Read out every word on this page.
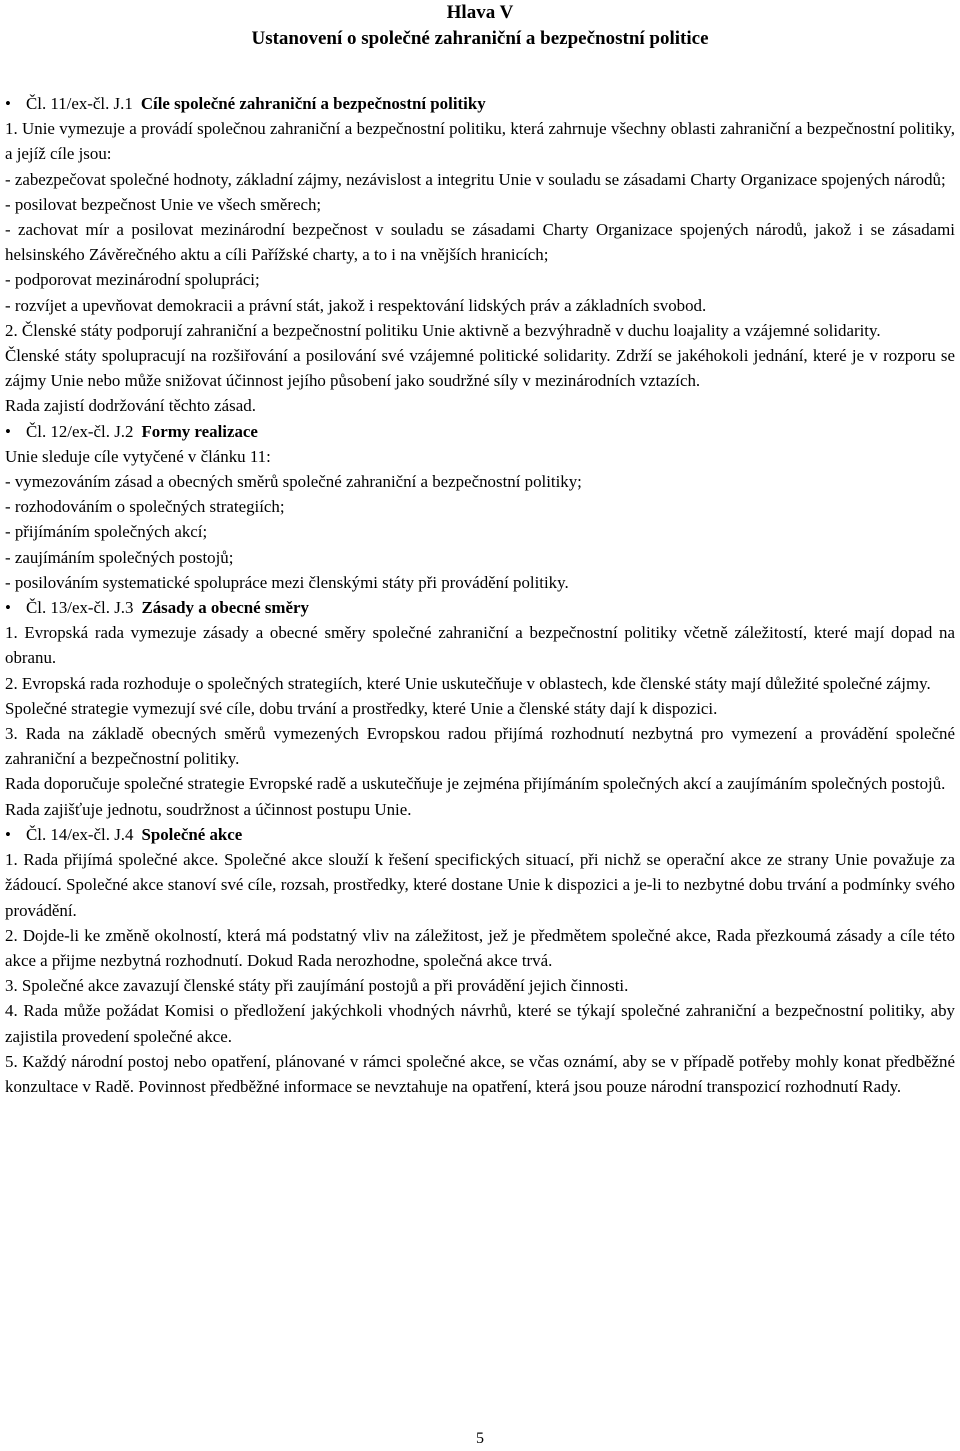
Hlava V

Ustanovení o společné zahraniční a bezpečnostní politice

• Čl. 11/ex-čl. J.1 Cíle společné zahraniční a bezpečnostní politiky

1. Unie vymezuje a provádí společnou zahraniční a bezpečnostní politiku, která zahrnuje všechny oblasti zahraniční a bezpečnostní politiky, a jejíž cíle jsou:

- zabezpečovat společné hodnoty, základní zájmy, nezávislost a integritu Unie v souladu se zásadami Charty Organizace spojených národů;

- posilovat bezpečnost Unie ve všech směrech;

- zachovat mír a posilovat mezinárodní bezpečnost v souladu se zásadami Charty Organizace spojených národů, jakož i se zásadami helsinského Závěrečného aktu a cíli Pařížské charty, a to i na vnějších hranicích;

- podporovat mezinárodní spolupráci;

- rozvíjet a upevňovat demokracii a právní stát, jakož i respektování lidských práv a základních svobod.

2. Členské státy podporují zahraniční a bezpečnostní politiku Unie aktivně a bezvýhradně v duchu loajality a vzájemné solidarity.

Členské státy spolupracují na rozšiřování a posilování své vzájemné politické solidarity. Zdrží se jakéhokoli jednání, které je v rozporu se zájmy Unie nebo může snižovat účinnost jejího působení jako soudržné síly v mezinárodních vztazích.

Rada zajistí dodržování těchto zásad.

• Čl. 12/ex-čl. J.2 Formy realizace

Unie sleduje cíle vytyčené v článku 11:

- vymezováním zásad a obecných směrů společné zahraniční a bezpečnostní politiky;

- rozhodováním o společných strategiích;

- přijímáním společných akcí;

- zaujímáním společných postojů;

- posilováním systematické spolupráce mezi členskými státy při provádění politiky.

• Čl. 13/ex-čl. J.3 Zásady a obecné směry

1. Evropská rada vymezuje zásady a obecné směry společné zahraniční a bezpečnostní politiky včetně záležitostí, které mají dopad na obranu.

2. Evropská rada rozhoduje o společných strategiích, které Unie uskutečňuje v oblastech, kde členské státy mají důležité společné zájmy.

Společné strategie vymezují své cíle, dobu trvání a prostředky, které Unie a členské státy dají k dispozici.

3. Rada na základě obecných směrů vymezených Evropskou radou přijímá rozhodnutí nezbytná pro vymezení a provádění společné zahraniční a bezpečnostní politiky.

Rada doporučuje společné strategie Evropské radě a uskutečňuje je zejména přijímáním společných akcí a zaujímáním společných postojů.

Rada zajišťuje jednotu, soudržnost a účinnost postupu Unie.

• Čl. 14/ex-čl. J.4 Společné akce

1. Rada přijímá společné akce. Společné akce slouží k řešení specifických situací, při nichž se operační akce ze strany Unie považuje za žádoucí. Společné akce stanoví své cíle, rozsah, prostředky, které dostane Unie k dispozici a je-li to nezbytné dobu trvání a podmínky svého provádění.

2. Dojde-li ke změně okolností, která má podstatný vliv na záležitost, jež je předmětem společné akce, Rada přezkoumá zásady a cíle této akce a přijme nezbytná rozhodnutí. Dokud Rada nerozhodne, společná akce trvá.

3. Společné akce zavazují členské státy při zaujímání postojů a při provádění jejich činnosti.

4. Rada může požádat Komisi o předložení jakýchkoli vhodných návrhů, které se týkají společné zahraniční a bezpečnostní politiky, aby zajistila provedení společné akce.

5. Každý národní postoj nebo opatření, plánované v rámci společné akce, se včas oznámí, aby se v případě potřeby mohly konat předběžné konzultace v Radě. Povinnost předběžné informace se nevztahuje na opatření, která jsou pouze národní transpozicí rozhodnutí Rady.

5
